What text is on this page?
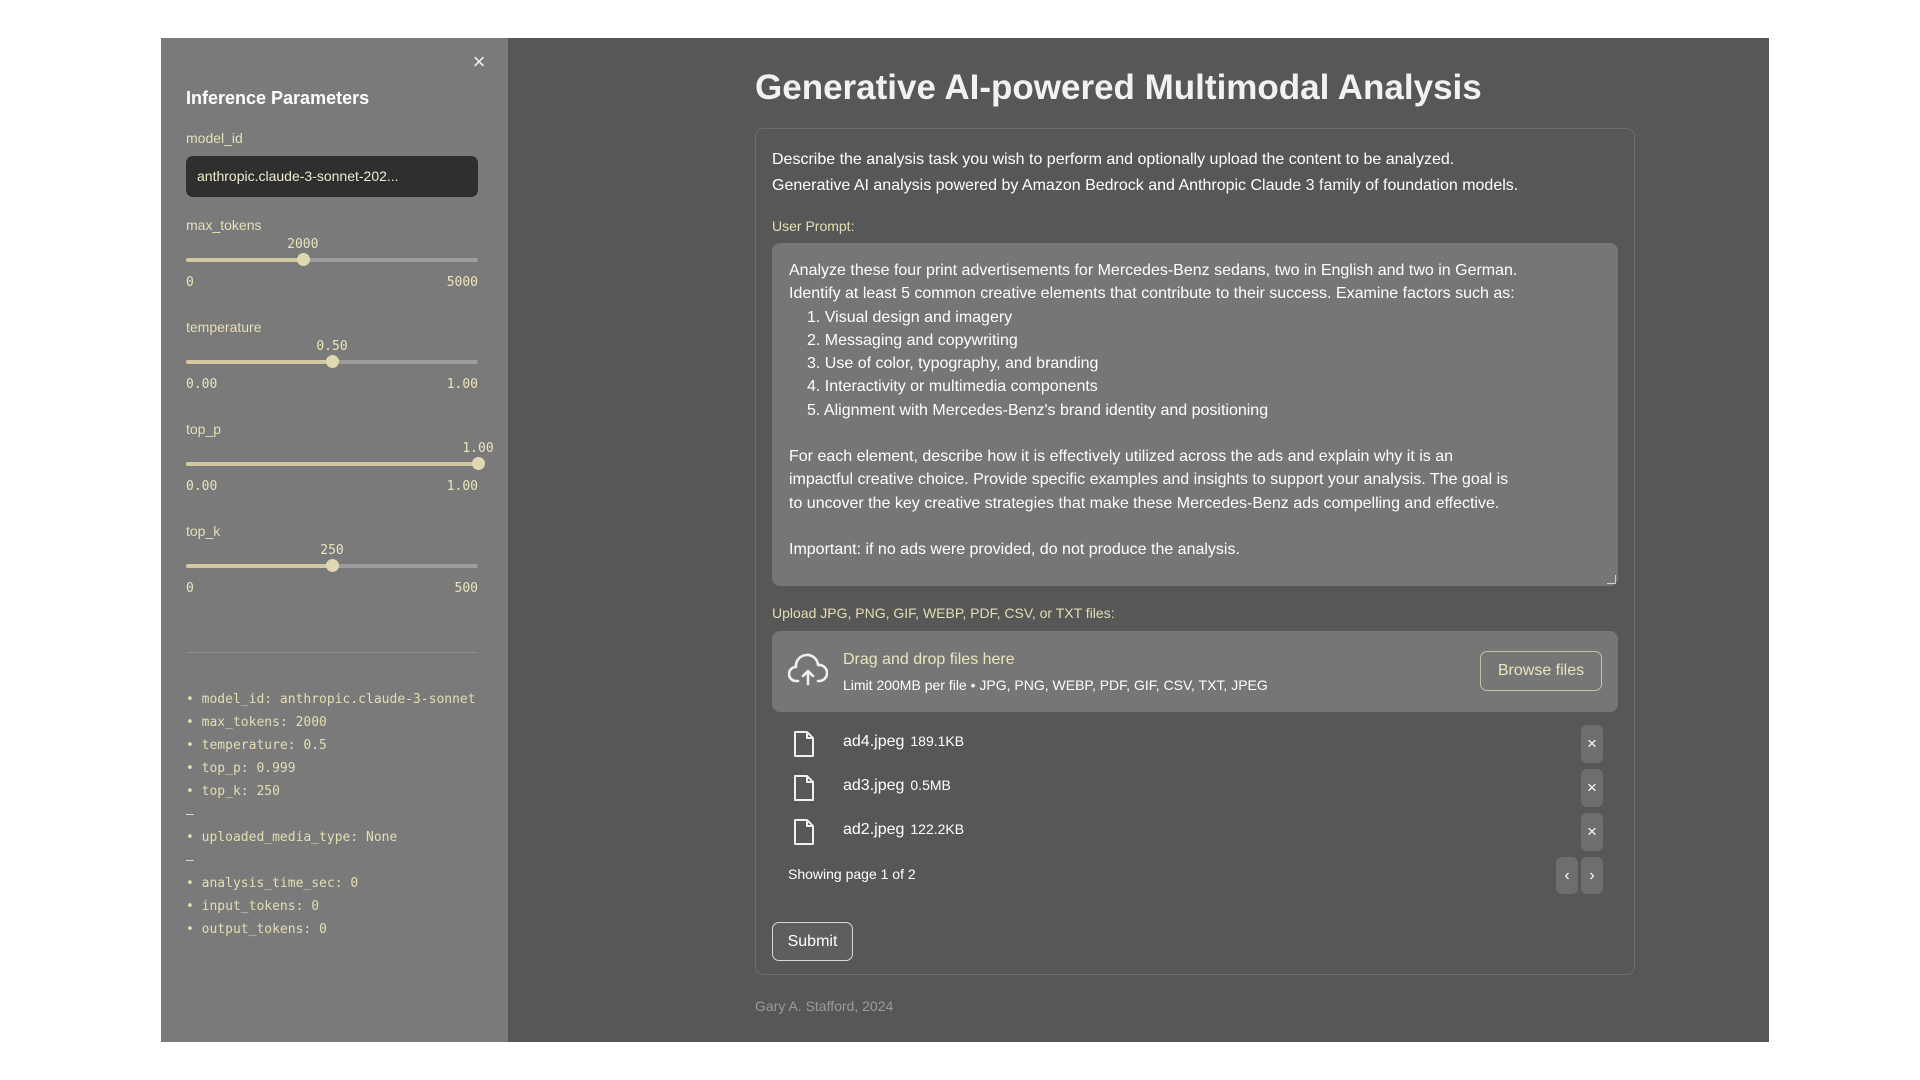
×
Inference Parameters
model_id
anthropic.claude-3-sonnet-202...
max_tokens
2000
0	5000
temperature
0.50
0.00	1.00
top_p
1.00
0.00	1.00
top_k
250
0	500
• model_id: anthropic.claude-3-sonnet
• max_tokens: 2000
• temperature: 0.5
• top_p: 0.999
• top_k: 250
—
• uploaded_media_type: None
—
• analysis_time_sec: 0
• input_tokens: 0
• output_tokens: 0
Generative AI-powered Multimodal Analysis
Describe the analysis task you wish to perform and optionally upload the content to be analyzed.
Generative AI analysis powered by Amazon Bedrock and Anthropic Claude 3 family of foundation models.
User Prompt:
Analyze these four print advertisements for Mercedes-Benz sedans, two in English and two in German.
Identify at least 5 common creative elements that contribute to their success. Examine factors such as:
1. Visual design and imagery
2. Messaging and copywriting
3. Use of color, typography, and branding
4. Interactivity or multimedia components
5. Alignment with Mercedes-Benz's brand identity and positioning
For each element, describe how it is effectively utilized across the ads and explain why it is an
impactful creative choice. Provide specific examples and insights to support your analysis. The goal is
to uncover the key creative strategies that make these Mercedes-Benz ads compelling and effective.
Important: if no ads were provided, do not produce the analysis.
Upload JPG, PNG, GIF, WEBP, PDF, CSV, or TXT files:
Drag and drop files here
Limit 200MB per file • JPG, PNG, WEBP, PDF, GIF, CSV, TXT, JPEG
Browse files
ad4.jpeg 189.1KB	×
ad3.jpeg 0.5MB	×
ad2.jpeg 122.2KB	×
Showing page 1 of 2	‹	›
Submit
Gary A. Stafford, 2024
